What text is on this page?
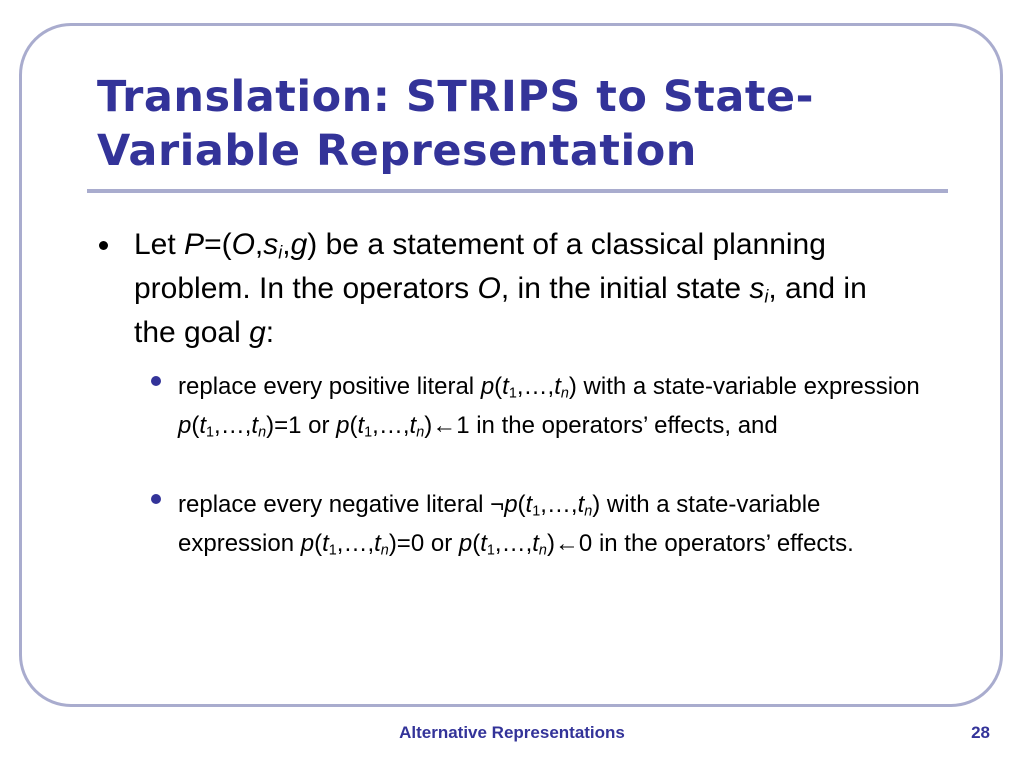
Translation: STRIPS to State-
Variable Representation
Let $P=(O,s_i,g)$ be a statement of a classical planning problem. In the operators O, in the initial state $s_i$, and in the goal g:
replace every positive literal $p(t_1,\dots,t_n)$ with a state-variable expression $p(t_1,\dots,t_n)=1$ or $p(t_1,\dots,t_n)\leftarrow 1$ in the operators’ effects, and
replace every negative literal $\neg p(t_1,\dots,t_n)$ with a state-variable expression $p(t_1,\dots,t_n)=0$ or $p(t_1,\dots,t_n)\leftarrow 0$ in the operators’ effects.
Alternative Representations	28
